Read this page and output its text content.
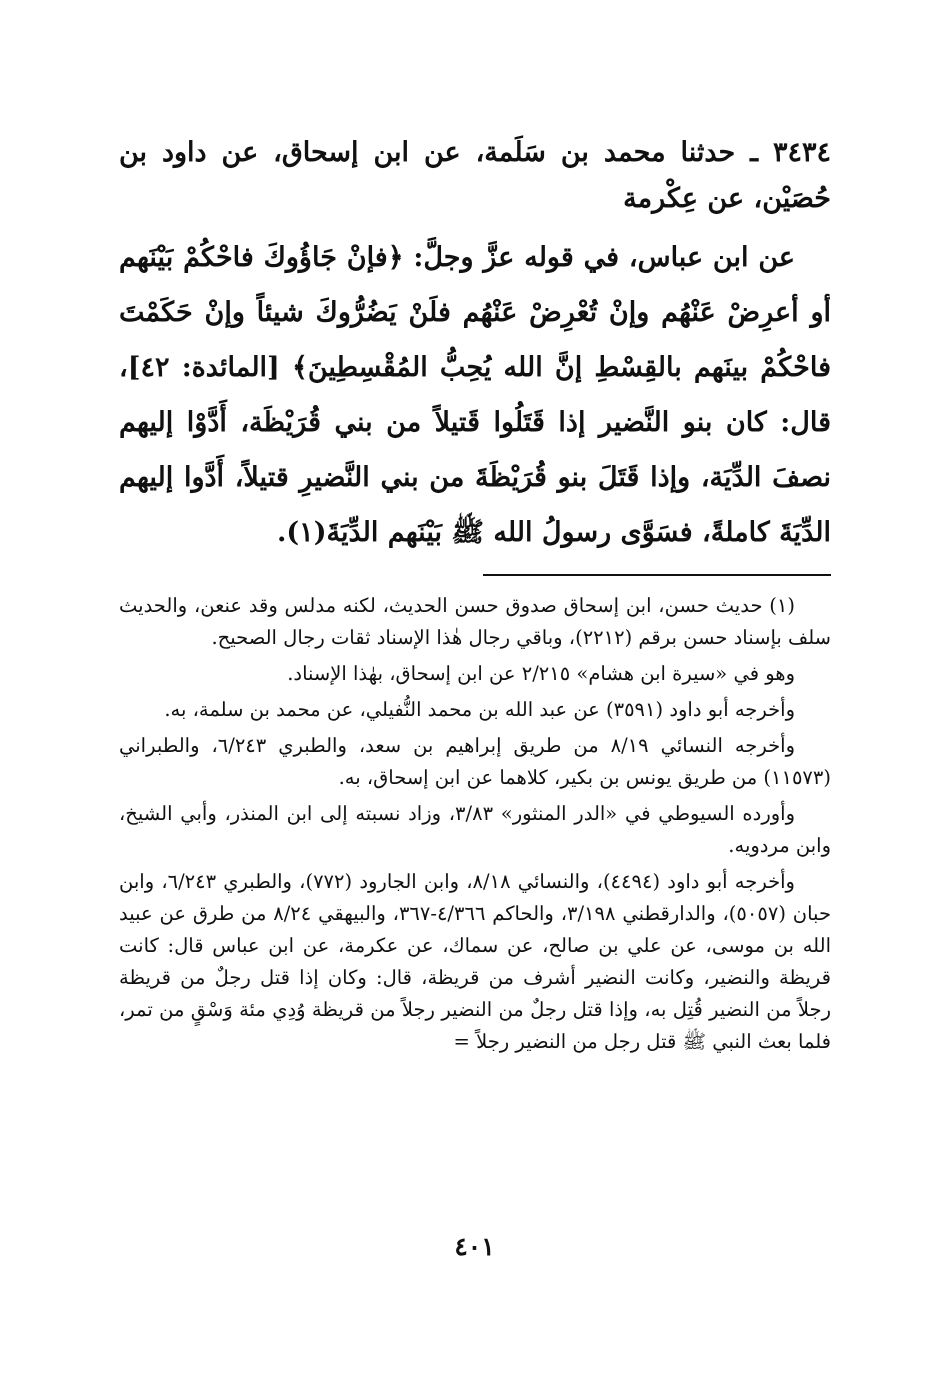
٣٤٣٤ ـ حدثنا محمد بن سَلَمة، عن ابن إسحاق، عن داود بن حُصَيْن، عن عِكْرمة

عن ابن عباس، في قوله عزَّ وجلَّ: ﴿فإنْ جَاؤُوكَ فاحْكُمْ بَيْنَهم أو أعرِضْ عَنْهُم وإنْ تُعْرِضْ عَنْهُم فلَنْ يَضُرُّوكَ شيئاً وإنْ حَكَمْتَ فاحْكُمْ بينَهم بالقِسْطِ إنَّ الله يُحِبُّ المُقْسِطِينَ﴾ [المائدة: ٤٢]، قال: كان بنو النَّضير إذا قَتَلُوا قَتيلاً من بني قُرَيْظَة، أَدَّوْا إليهم نصفَ الدِّيَة، وإذا قَتَلَ بنو قُرَيْظَةَ من بني النَّضيرِ قتيلاً، أَدَّوا إليهم الدِّيَةَ كاملةً، فسَوَّى رسولُ الله ﷺ بَيْنَهم الدِّيَةَ(١).

(١) حديث حسن، ابن إسحاق صدوق حسن الحديث، لكنه مدلس وقد عنعن، والحديث سلف بإسناد حسن برقم (٢٢١٢)، وباقي رجال هٰذا الإسناد ثقات رجال الصحيح.

وهو في «سيرة ابن هشام» ٢/٢١٥ عن ابن إسحاق، بهٰذا الإسناد.

وأخرجه أبو داود (٣٥٩١) عن عبد الله بن محمد النُّفيلي، عن محمد بن سلمة، به.

وأخرجه النسائي ٨/١٩ من طريق إبراهيم بن سعد، والطبري ٦/٢٤٣، والطبراني (١١٥٧٣) من طريق يونس بن بكير، كلاهما عن ابن إسحاق، به.

وأورده السيوطي في «الدر المنثور» ٣/٨٣، وزاد نسبته إلى ابن المنذر، وأبي الشيخ، وابن مردويه.

وأخرجه أبو داود (٤٤٩٤)، والنسائي ٨/١٨، وابن الجارود (٧٧٢)، والطبري ٦/٢٤٣، وابن حبان (٥٠٥٧)، والدارقطني ٣/١٩٨، والحاكم ٤/٣٦٦-٣٦٧، والبيهقي ٨/٢٤ من طرق عن عبيد الله بن موسى، عن علي بن صالح، عن سماك، عن عكرمة، عن ابن عباس قال: كانت قريظة والنضير، وكانت النضير أشرف من قريظة، قال: وكان إذا قتل رجلٌ من قريظة رجلاً من النضير قُتِل به، وإذا قتل رجلٌ من النضير رجلاً من قريظة وُدِي مئة وَسْقٍ من تمر، فلما بعث النبي ﷺ قتل رجل من النضير رجلاً =

٤٠١
